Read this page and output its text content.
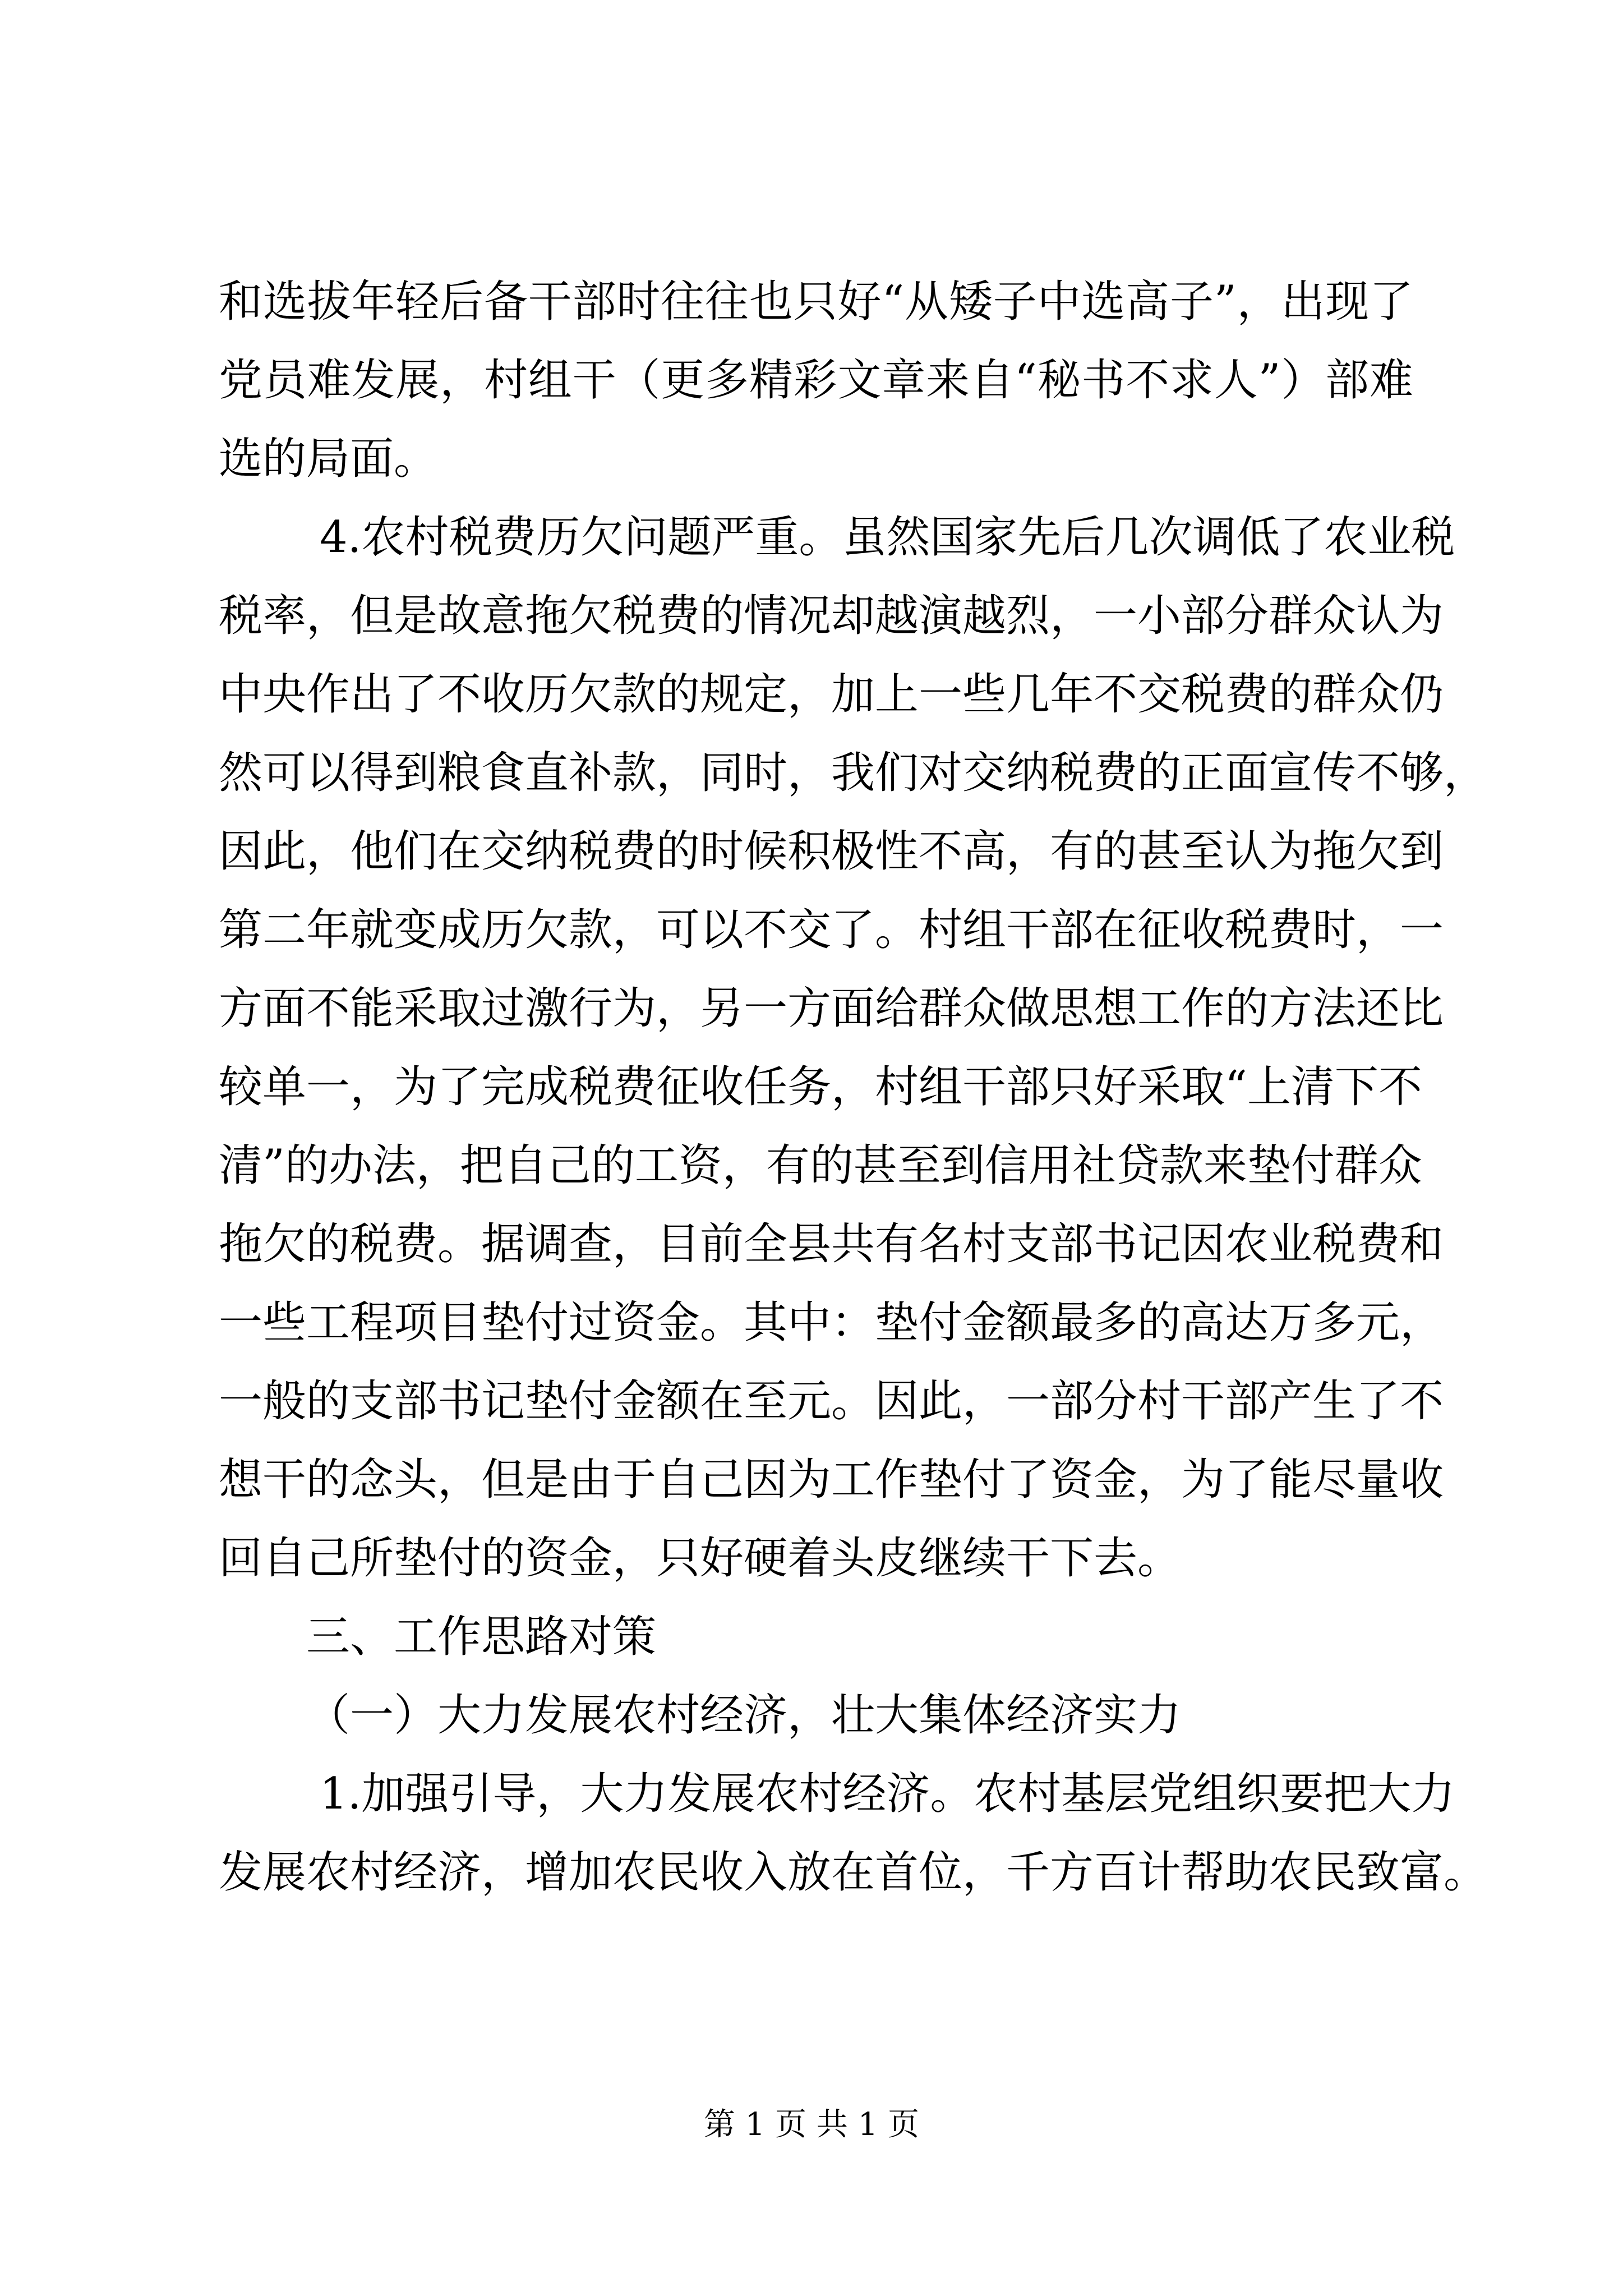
和选拔年轻后备干部时往往也只好“从矮子中选高子”，出现了
党员难发展，村组干（更多精彩文章来自“秘书不求人”）部难
选的局面。
4.农村税费历欠问题严重。虽然国家先后几次调低了农业税
税率，但是故意拖欠税费的情况却越演越烈，一小部分群众认为
中央作出了不收历欠款的规定，加上一些几年不交税费的群众仍
然可以得到粮食直补款，同时，我们对交纳税费的正面宣传不够，
因此，他们在交纳税费的时候积极性不高，有的甚至认为拖欠到
第二年就变成历欠款，可以不交了。村组干部在征收税费时，一
方面不能采取过激行为，另一方面给群众做思想工作的方法还比
较单一，为了完成税费征收任务，村组干部只好采取“上清下不
清”的办法，把自己的工资，有的甚至到信用社贷款来垫付群众
拖欠的税费。据调查，目前全县共有名村支部书记因农业税费和
一些工程项目垫付过资金。其中：垫付金额最多的高达万多元，
一般的支部书记垫付金额在至元。因此，一部分村干部产生了不
想干的念头，但是由于自己因为工作垫付了资金，为了能尽量收
回自己所垫付的资金，只好硬着头皮继续干下去。
三、工作思路对策
（一）大力发展农村经济，壮大集体经济实力
1.加强引导，大力发展农村经济。农村基层党组织要把大力
发展农村经济，增加农民收入放在首位，千方百计帮助农民致富。
第 1 页 共 1 页
